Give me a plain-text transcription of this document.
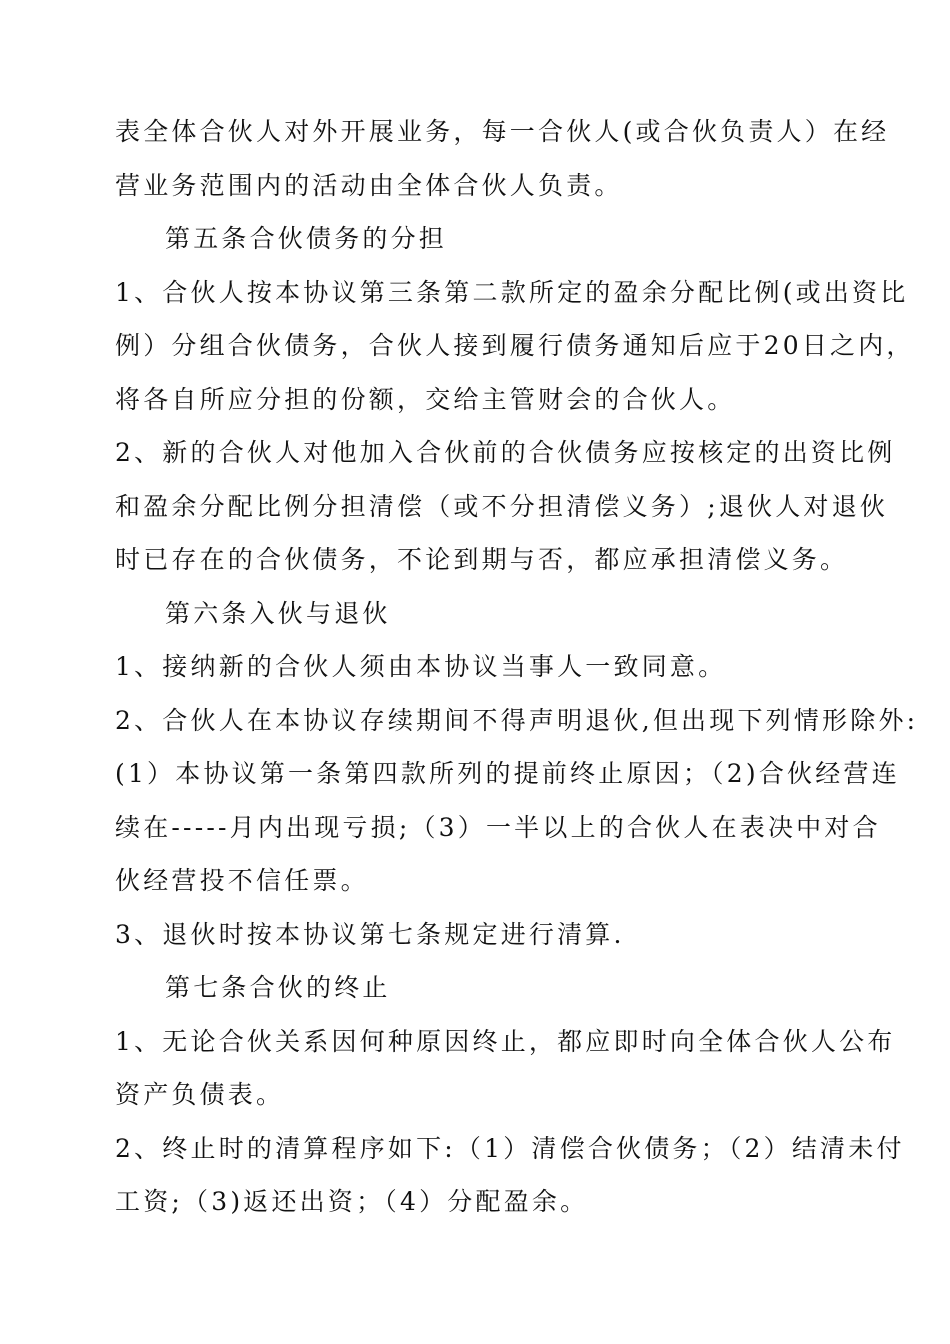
表全体合伙人对外开展业务，每一合伙人(或合伙负责人）在经
营业务范围内的活动由全体合伙人负责。
第五条合伙债务的分担
1、合伙人按本协议第三条第二款所定的盈余分配比例(或出资比
例）分组合伙债务，合伙人接到履行债务通知后应于20日之内，
将各自所应分担的份额，交给主管财会的合伙人。
2、新的合伙人对他加入合伙前的合伙债务应按核定的出资比例
和盈余分配比例分担清偿（或不分担清偿义务）;退伙人对退伙
时已存在的合伙债务，不论到期与否，都应承担清偿义务。
第六条入伙与退伙
1、接纳新的合伙人须由本协议当事人一致同意。
2、合伙人在本协议存续期间不得声明退伙,但出现下列情形除外:
(1）本协议第一条第四款所列的提前终止原因；（2)合伙经营连
续在-----月内出现亏损;（3）一半以上的合伙人在表决中对合
伙经营投不信任票。
3、退伙时按本协议第七条规定进行清算.
第七条合伙的终止
1、无论合伙关系因何种原因终止，都应即时向全体合伙人公布
资产负债表。
2、终止时的清算程序如下:（1）清偿合伙债务；（2）结清未付
工资;（3)返还出资；（4）分配盈余。
